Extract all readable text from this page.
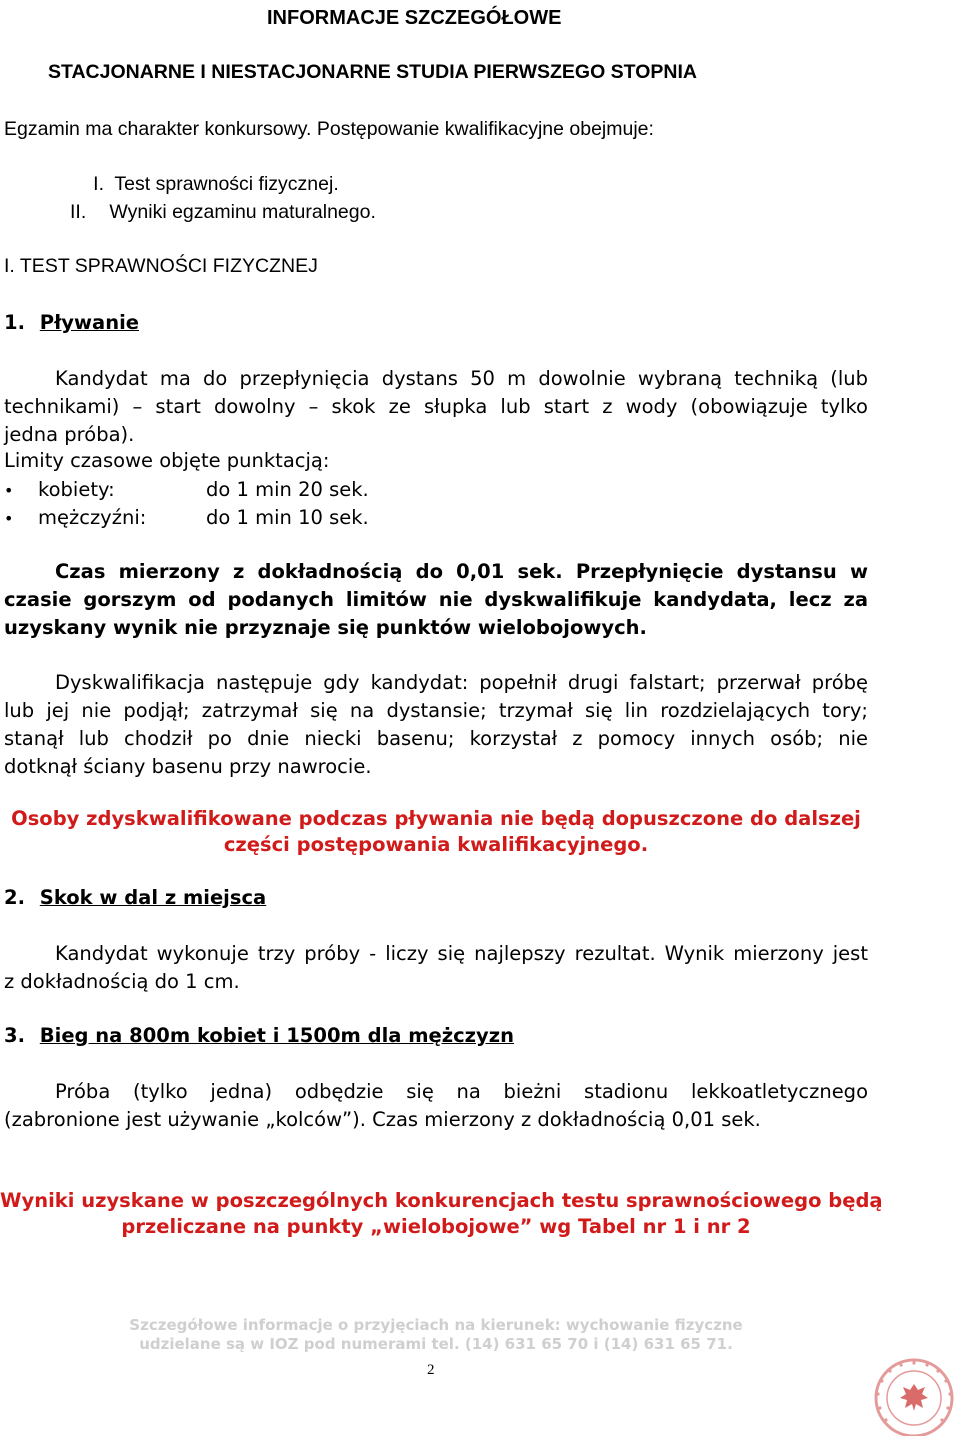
INFORMACJE SZCZEGÓŁOWE
STACJONARNE I NIESTACJONARNE STUDIA PIERWSZEGO STOPNIA
Egzamin ma charakter konkursowy. Postępowanie kwalifikacyjne obejmuje:
I. Test sprawności fizycznej.
II. Wyniki egzaminu maturalnego.
I. TEST SPRAWNOŚCI FIZYCZNEJ
1. Pływanie
Kandydat ma do przepłynięcia dystans 50 m dowolnie wybraną techniką (lub
technikami) – start dowolny – skok ze słupka lub start z wody (obowiązuje tylko
jedna próba).
Limity czasowe objęte punktacją:
• kobiety:	do 1 min 20 sek.
• mężczyźni:	do 1 min 10 sek.
Czas mierzony z dokładnością do 0,01 sek. Przepłynięcie dystansu w
czasie gorszym od podanych limitów nie dyskwalifikuje kandydata, lecz za
uzyskany wynik nie przyznaje się punktów wielobojowych.
Dyskwalifikacja następuje gdy kandydat: popełnił drugi falstart; przerwał próbę
lub jej nie podjął; zatrzymał się na dystansie; trzymał się lin rozdzielających tory;
stanął lub chodził po dnie niecki basenu; korzystał z pomocy innych osób; nie
dotknął ściany basenu przy nawrocie.
Osoby zdyskwalifikowane podczas pływania nie będą dopuszczone do dalszej
części postępowania kwalifikacyjnego.
2. Skok w dal z miejsca
Kandydat wykonuje trzy próby - liczy się najlepszy rezultat. Wynik mierzony jest
z dokładnością do 1 cm.
3. Bieg na 800m kobiet i 1500m dla mężczyzn
Próba (tylko jedna) odbędzie się na bieżni stadionu lekkoatletycznego
(zabronione jest używanie „kolców”). Czas mierzony z dokładnością 0,01 sek.
Wyniki uzyskane w poszczególnych konkurencjach testu sprawnościowego będą
przeliczane na punkty „wielobojowe” wg Tabel nr 1 i nr 2
Szczegółowe informacje o przyjęciach na kierunek: wychowanie fizyczne
udzielane są w IOZ pod numerami tel. (14) 631 65 70 i (14) 631 65 71.
2
